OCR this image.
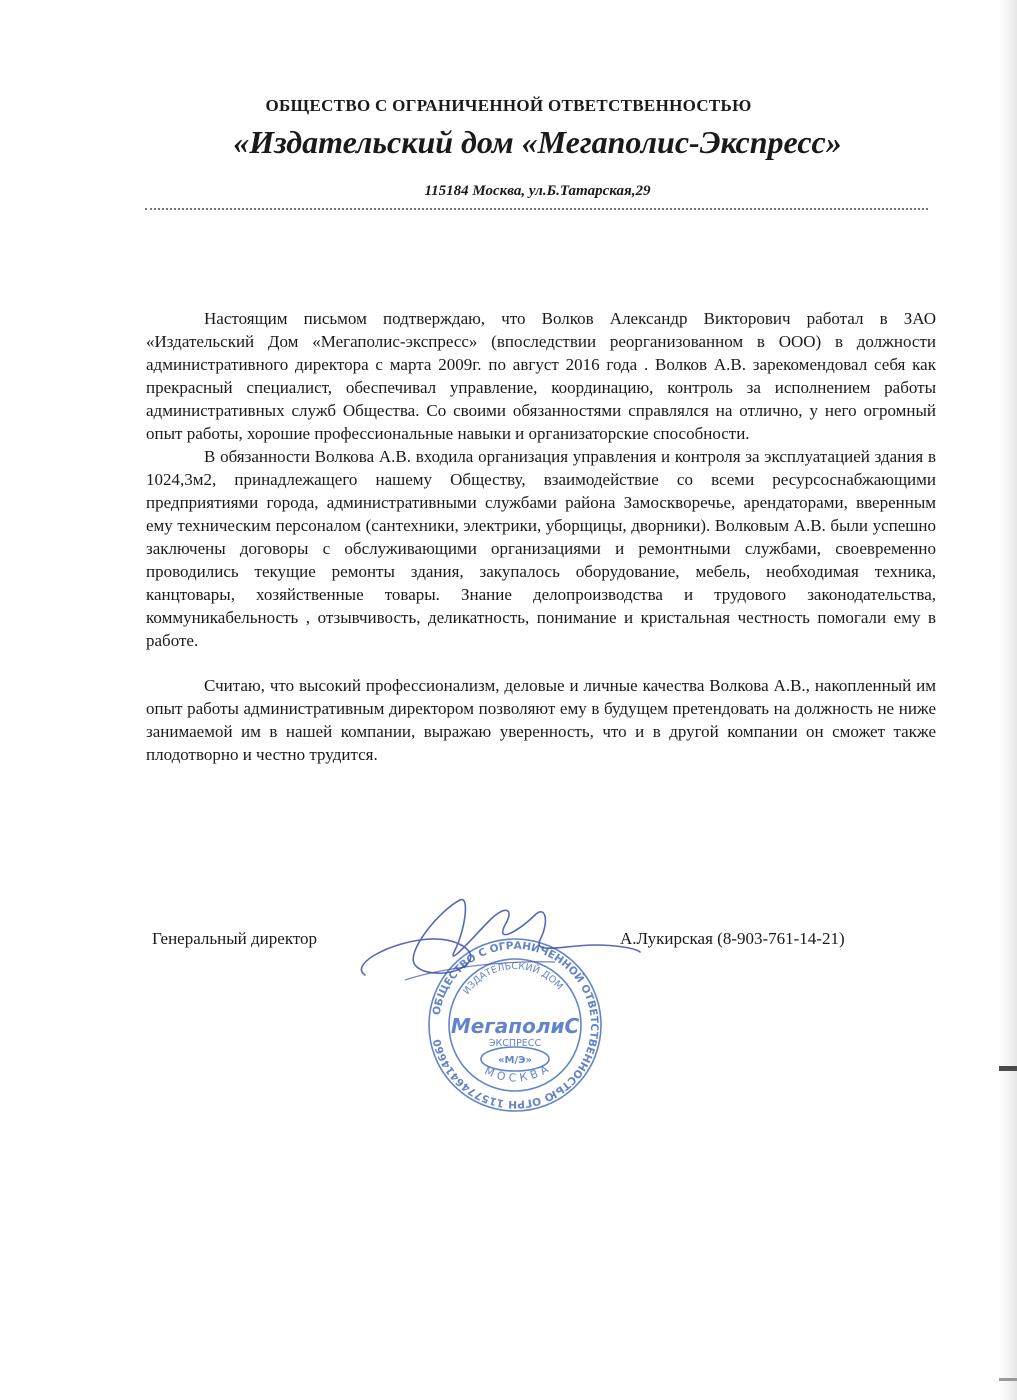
ОБЩЕСТВО С ОГРАНИЧЕННОЙ ОТВЕТСТВЕННОСТЬЮ
«Издательский дом «Мегаполис-Экспресс»
115184 Москва, ул.Б.Татарская,29

Настоящим письмом подтверждаю, что Волков Александр Викторович работал в ЗАО «Издательский Дом «Мегаполис-экспресс» (впоследствии реорганизованном в ООО) в должности административного директора с марта 2009г. по август 2016 года . Волков А.В. зарекомендовал себя как прекрасный специалист, обеспечивал управление, координацию, контроль за исполнением работы административных служб Общества. Со своими обязанностями справлялся на отлично, у него огромный опыт работы, хорошие профессиональные навыки и организаторские способности.

В обязанности Волкова А.В. входила организация управления и контроля за эксплуатацией здания в 1024,3м2, принадлежащего нашему Обществу, взаимодействие со всеми ресурсоснабжающими предприятиями города, административными службами района Замоскворечье, арендаторами, вверенным ему техническим персоналом (сантехники, электрики, уборщицы, дворники). Волковым А.В. были успешно заключены договоры с обслуживающими организациями и ремонтными службами, своевременно проводились текущие ремонты здания, закупалось оборудование, мебель, необходимая техника, канцтовары, хозяйственные товары. Знание делопроизводства и трудового законодательства, коммуникабельность , отзывчивость, деликатность, понимание и кристальная честность помогали ему в работе.

Считаю, что высокий профессионализм, деловые и личные качества Волкова А.В., накопленный им опыт работы административным директором позволяют ему в будущем претендовать на должность не ниже занимаемой им в нашей компании, выражаю уверенность, что и в другой компании он сможет также плодотворно и честно трудится.

Генеральный директор	А.Лукирская (8-903-761-14-21)
ОБЩЕСТВО С ОГРАНИЧЕННОЙ ОТВЕТСТВЕННОСТЬЮ ОГРН 1157746414660
ИЗДАТЕЛЬСКИЙ ДОМ
МегаполиС
ЭКСПРЕСС
«М/Э»
МОСКВА
